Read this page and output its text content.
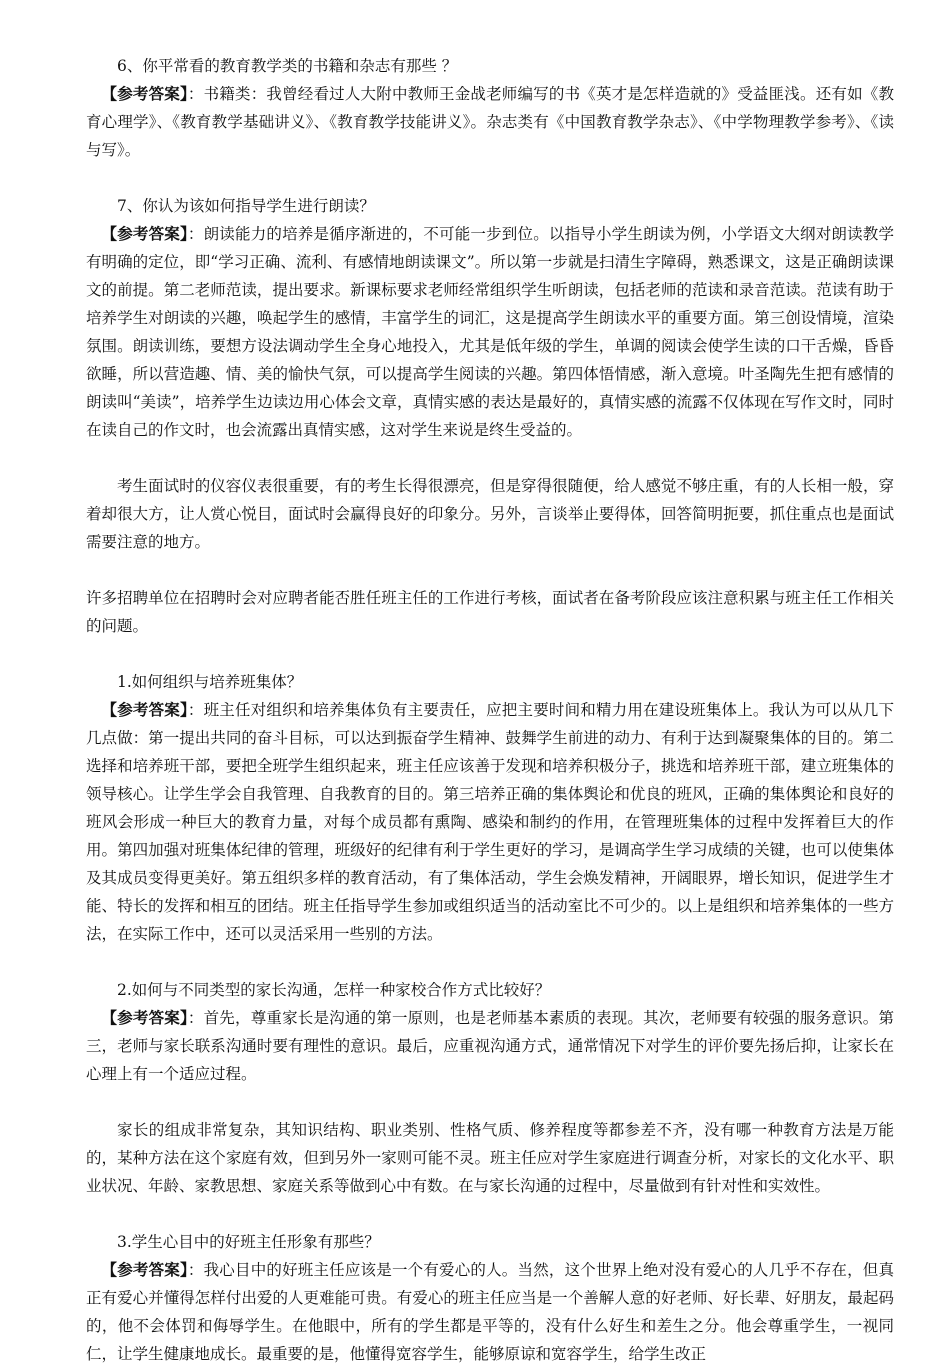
6、你平常看的教育教学类的书籍和杂志有那些 ？

【参考答案】：书籍类：我曾经看过人大附中教师王金战老师编写的书《英才是怎样造就的》受益匪浅。还有如《教育心理学》、《教育教学基础讲义》、《教育教学技能讲义》。杂志类有《中国教育教学杂志》、《中学物理教学参考》、《读与写》。

7、你认为该如何指导学生进行朗读？

【参考答案】：朗读能力的培养是循序渐进的，不可能一步到位。以指导小学生朗读为例，小学语文大纲对朗读教学有明确的定位，即“学习正确、流利、有感情地朗读课文”。所以第一步就是扫清生字障碍，熟悉课文，这是正确朗读课文的前提。第二老师范读，提出要求。新课标要求老师经常组织学生听朗读，包括老师的范读和录音范读。范读有助于培养学生对朗读的兴趣，唤起学生的感情，丰富学生的词汇，这是提高学生朗读水平的重要方面。第三创设情境，渲染氛围。朗读训练，要想方设法调动学生全身心地投入，尤其是低年级的学生，单调的阅读会使学生读的口干舌燥，昏昏欲睡，所以营造趣、情、美的愉快气氛，可以提高学生阅读的兴趣。第四体悟情感，渐入意境。叶圣陶先生把有感情的朗读叫“美读”，培养学生边读边用心体会文章，真情实感的表达是最好的，真情实感的流露不仅体现在写作文时，同时在读自己的作文时，也会流露出真情实感，这对学生来说是终生受益的。

考生面试时的仪容仪表很重要，有的考生长得很漂亮，但是穿得很随便，给人感觉不够庄重，有的人长相一般，穿着却很大方，让人赏心悦目，面试时会赢得良好的印象分。另外，言谈举止要得体，回答简明扼要，抓住重点也是面试需要注意的地方。

许多招聘单位在招聘时会对应聘者能否胜任班主任的工作进行考核，面试者在备考阶段应该注意积累与班主任工作相关的问题。

1.如何组织与培养班集体？

【参考答案】：班主任对组织和培养集体负有主要责任，应把主要时间和精力用在建设班集体上。我认为可以从几下几点做：第一提出共同的奋斗目标，可以达到振奋学生精神、鼓舞学生前进的动力、有利于达到凝聚集体的目的。第二选择和培养班干部，要把全班学生组织起来，班主任应该善于发现和培养积极分子，挑选和培养班干部，建立班集体的领导核心。让学生学会自我管理、自我教育的目的。第三培养正确的集体舆论和优良的班风，正确的集体舆论和良好的班风会形成一种巨大的教育力量，对每个成员都有熏陶、感染和制约的作用，在管理班集体的过程中发挥着巨大的作用。第四加强对班集体纪律的管理，班级好的纪律有利于学生更好的学习，是调高学生学习成绩的关键，也可以使集体及其成员变得更美好。第五组织多样的教育活动，有了集体活动，学生会焕发精神，开阔眼界，增长知识，促进学生才能、特长的发挥和相互的团结。班主任指导学生参加或组织适当的活动室比不可少的。以上是组织和培养集体的一些方法，在实际工作中，还可以灵活采用一些别的方法。

2.如何与不同类型的家长沟通，怎样一种家校合作方式比较好？

【参考答案】：首先，尊重家长是沟通的第一原则，也是老师基本素质的表现。其次，老师要有较强的服务意识。第三，老师与家长联系沟通时要有理性的意识。最后，应重视沟通方式，通常情况下对学生的评价要先扬后抑，让家长在心理上有一个适应过程。

家长的组成非常复杂，其知识结构、职业类别、性格气质、修养程度等都参差不齐，没有哪一种教育方法是万能的，某种方法在这个家庭有效，但到另外一家则可能不灵。班主任应对学生家庭进行调查分析，对家长的文化水平、职业状况、年龄、家教思想、家庭关系等做到心中有数。在与家长沟通的过程中，尽量做到有针对性和实效性。

3.学生心目中的好班主任形象有那些？

【参考答案】：我心目中的好班主任应该是一个有爱心的人。当然，这个世界上绝对没有爱心的人几乎不存在，但真正有爱心并懂得怎样付出爱的人更难能可贵。有爱心的班主任应当是一个善解人意的好老师、好长辈、好朋友，最起码的，他不会体罚和侮辱学生。在他眼中，所有的学生都是平等的，没有什么好生和差生之分。他会尊重学生，一视同仁，让学生健康地成长。最重要的是，他懂得宽容学生，能够原谅和宽容学生，给学生改正
